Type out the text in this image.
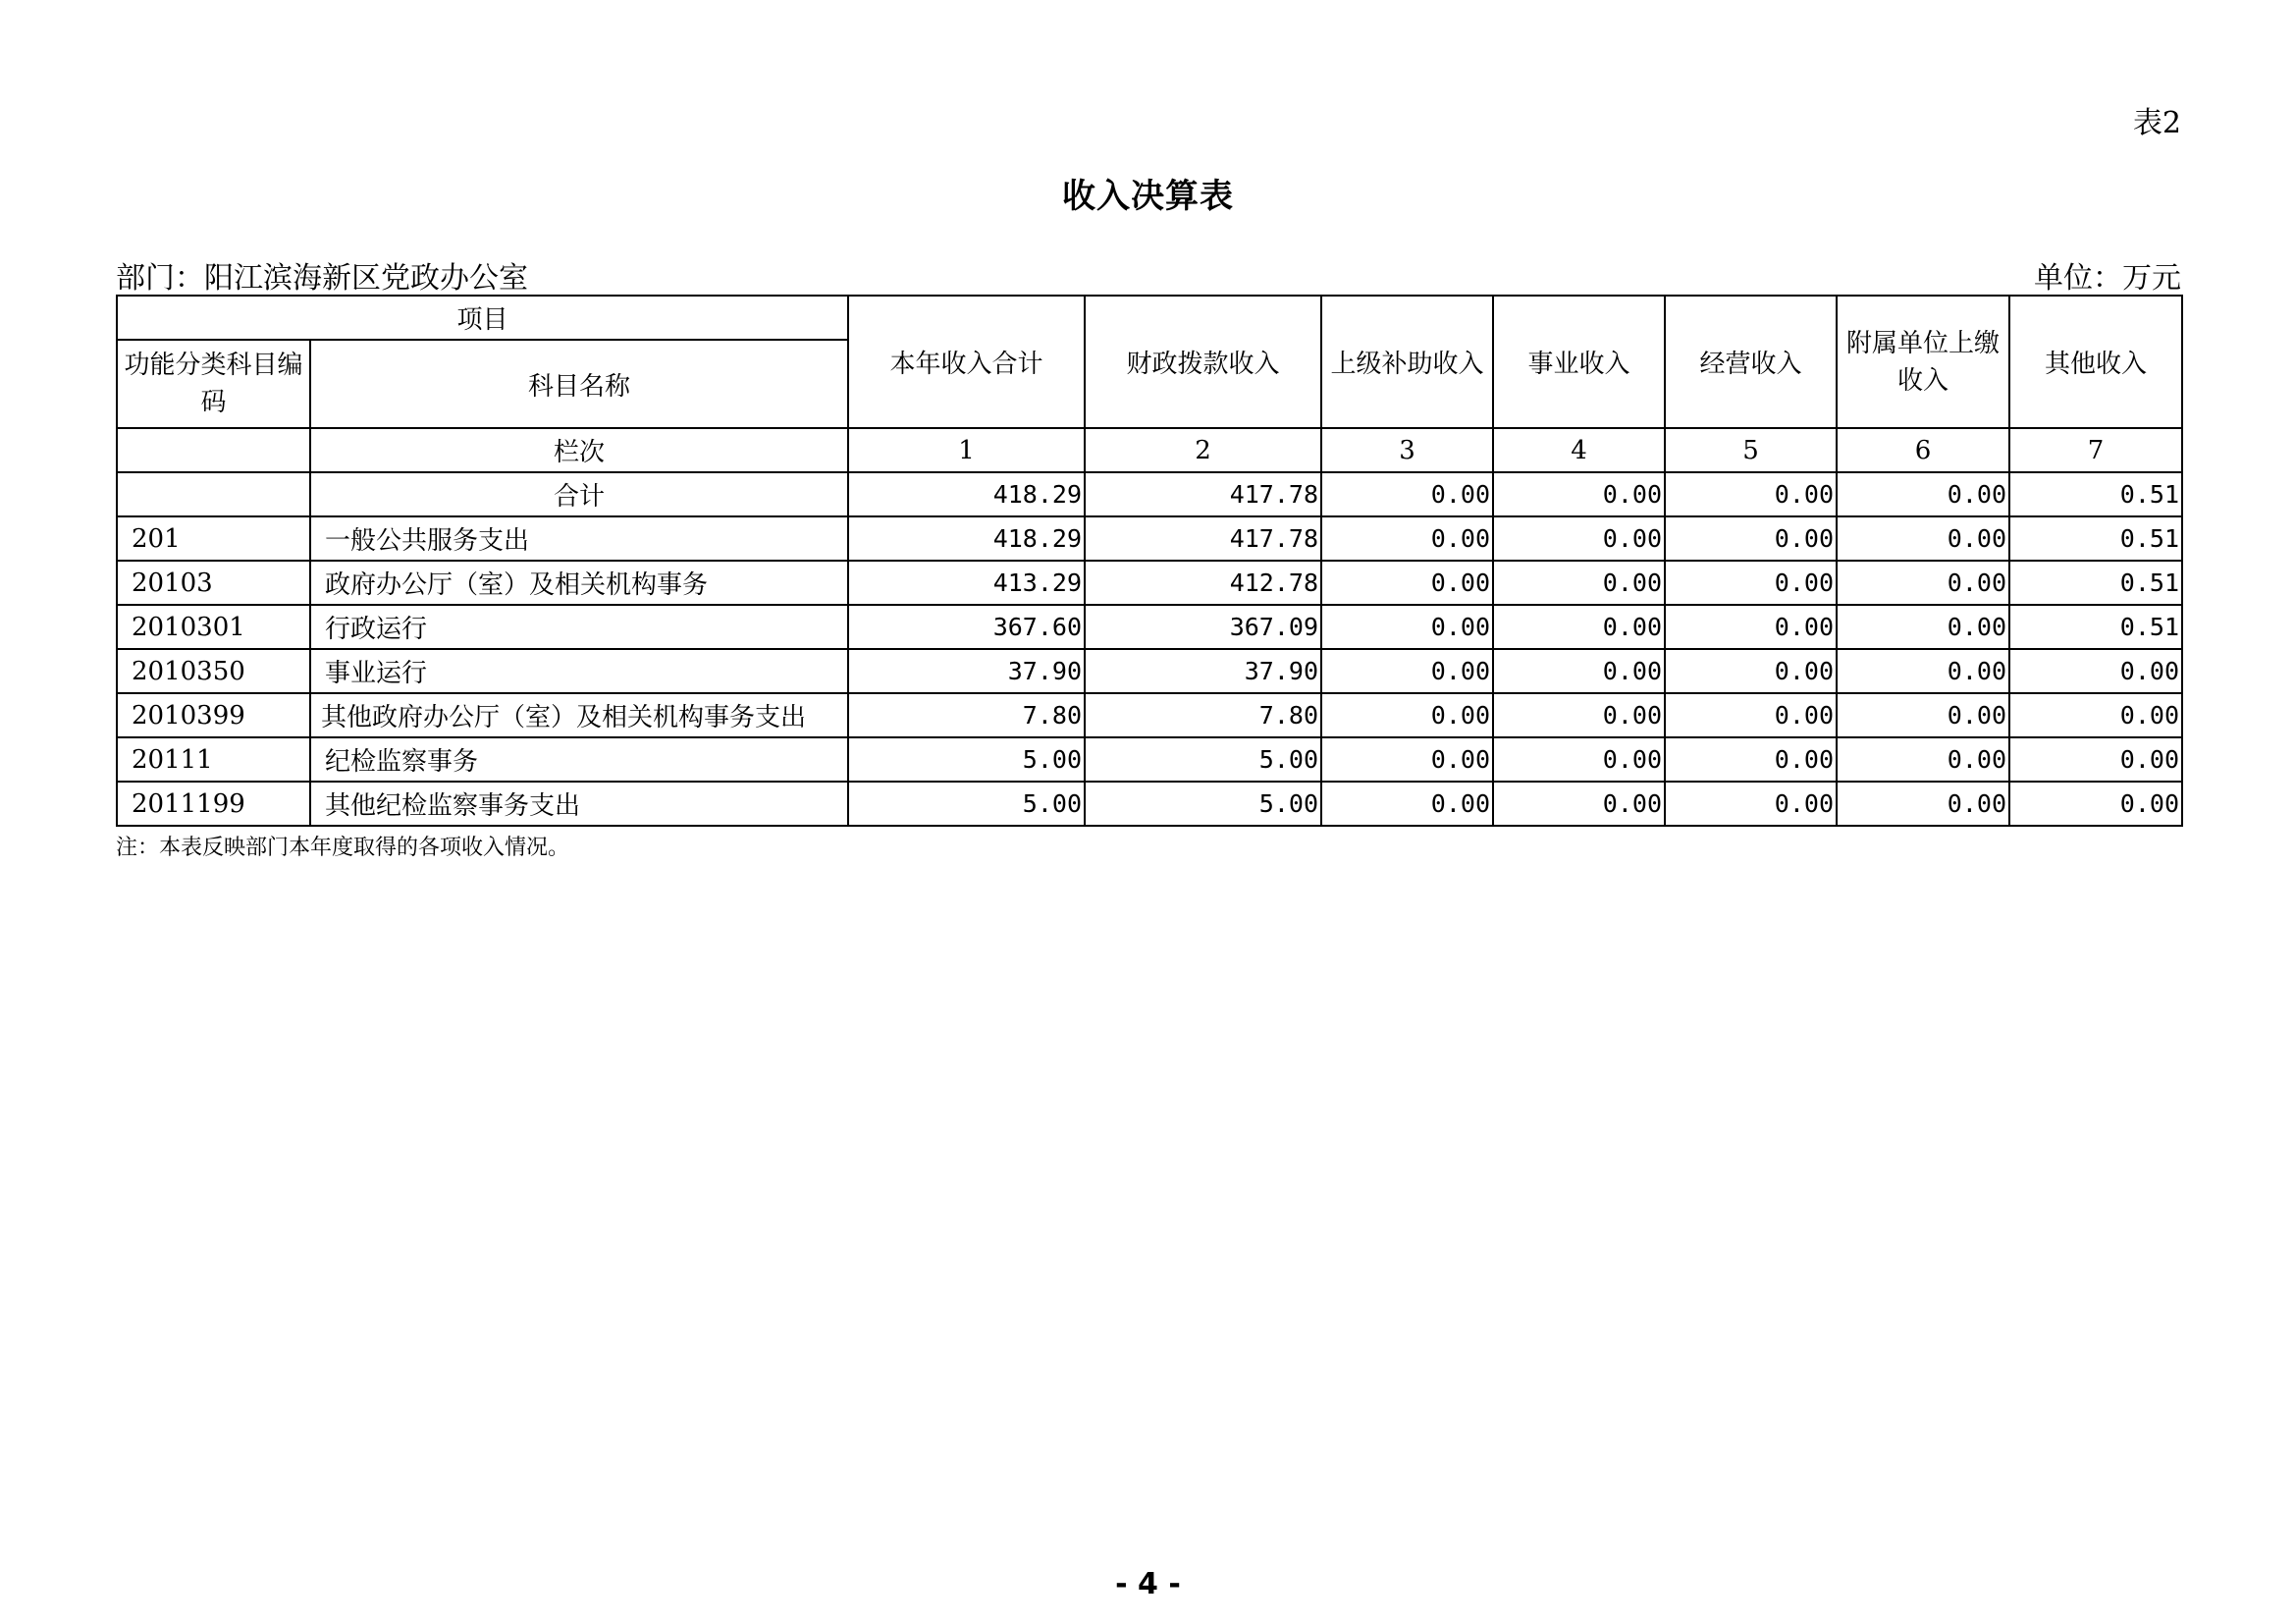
表2
收入决算表
部门：阳江滨海新区党政办公室	单位：万元
项目		本年收入合计	财政拨款收入	上级补助收入	事业收入	经营收入	附属单位上缴收入	其他收入
功能分类科目编码	科目名称							
	栏次	1	2	3	4	5	6	7
	合计	418.29	417.78	0.00	0.00	0.00	0.00	0.51
201	一般公共服务支出	418.29	417.78	0.00	0.00	0.00	0.00	0.51
20103	政府办公厅（室）及相关机构事务	413.29	412.78	0.00	0.00	0.00	0.00	0.51
2010301	行政运行	367.60	367.09	0.00	0.00	0.00	0.00	0.51
2010350	事业运行	37.90	37.90	0.00	0.00	0.00	0.00	0.00
2010399	其他政府办公厅（室）及相关机构事务支出	7.80	7.80	0.00	0.00	0.00	0.00	0.00
20111	纪检监察事务	5.00	5.00	0.00	0.00	0.00	0.00	0.00
2011199	其他纪检监察事务支出	5.00	5.00	0.00	0.00	0.00	0.00	0.00
注：本表反映部门本年度取得的各项收入情况。
- 4 -
